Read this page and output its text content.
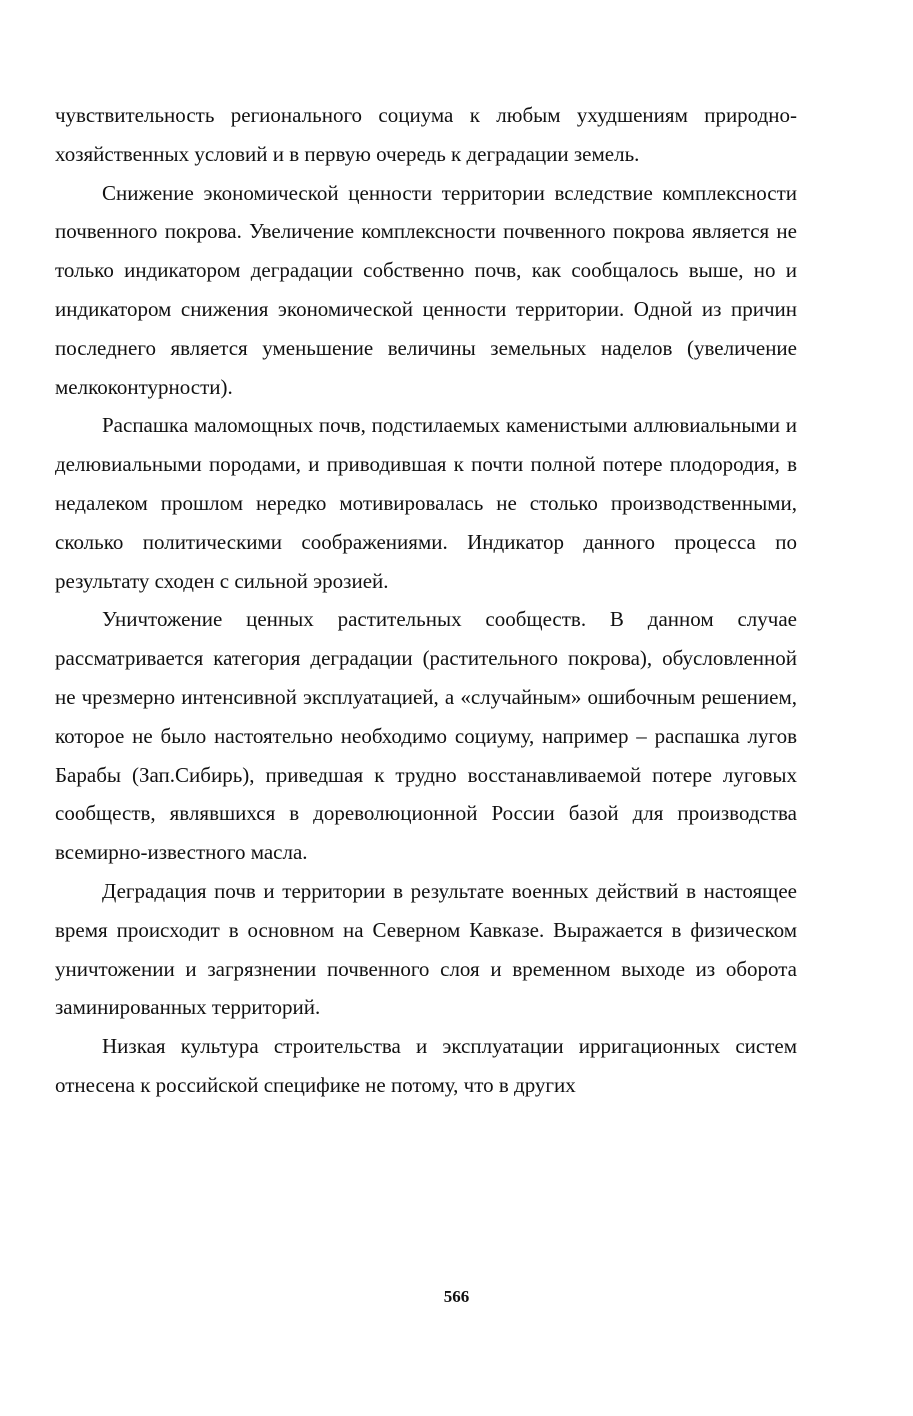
чувствительность регионального социума к любым ухудшениям природно-хозяйственных условий и в первую очередь к деградации земель.

Снижение экономической ценности территории вследствие комплексности почвенного покрова. Увеличение комплексности почвенного покрова является не только индикатором деградации собственно почв, как сообщалось выше, но и индикатором снижения экономической ценности территории. Одной из причин последнего является уменьшение величины земельных наделов (увеличение мелкоконтурности).

Распашка маломощных почв, подстилаемых каменистыми аллювиальными и делювиальными породами, и приводившая к почти полной потере плодородия, в недалеком прошлом нередко мотивировалась не столько производственными, сколько политическими соображениями. Индикатор данного процесса по результату сходен с сильной эрозией.

Уничтожение ценных растительных сообществ. В данном случае рассматривается категория деградации (растительного покрова), обусловленной не чрезмерно интенсивной эксплуатацией, а «случайным» ошибочным решением, которое не было настоятельно необходимо социуму, например – распашка лугов Барабы (Зап.Сибирь), приведшая к трудно восстанавливаемой потере луговых сообществ, являвшихся в дореволюционной России базой для производства всемирно-известного масла.

Деградация почв и территории в результате военных действий в настоящее время происходит в основном на Северном Кавказе. Выражается в физическом уничтожении и загрязнении почвенного слоя и временном выходе из оборота заминированных территорий.

Низкая культура строительства и эксплуатации ирригационных систем отнесена к российской специфике не потому, что в других

566
